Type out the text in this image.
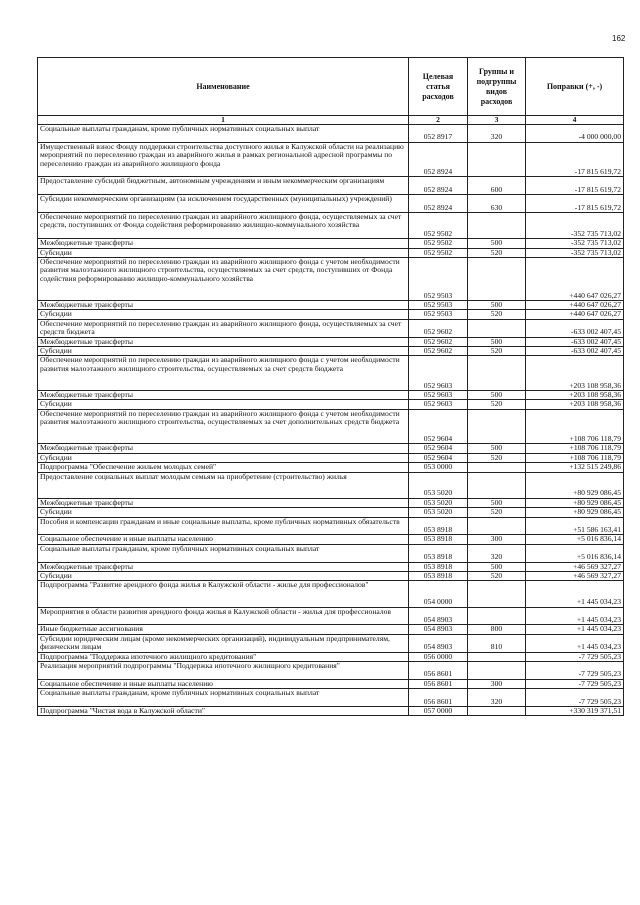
162
Наименование	Целевая статья расходов	Группы и подгруппы видов расходов	Поправки (+, -)
1	2	3	4
Социальные выплаты гражданам, кроме публичных нормативных социальных выплат	052 8917	320	-4 000 000,00
Имущественный взнос Фонду поддержки строительства доступного жилья в Калужской области на реализацию мероприятий по переселению граждан из аварийного жилья в рамках региональной адресной программы по переселению граждан из аварийного жилищного фонда	052 8924		-17 815 619,72
Предоставление субсидий бюджетным, автономным учреждениям и иным некоммерческим организациям	052 8924	600	-17 815 619,72
Субсидии некоммерческим организациям (за исключением государственных (муниципальных) учреждений)	052 8924	630	-17 815 619,72
Обеспечение мероприятий по переселению граждан из аварийного жилищного фонда, осуществляемых за счет средств, поступивших от Фонда содействия реформированию жилищно-коммунального хозяйства	052 9502		-352 735 713,02
Межбюджетные трансферты	052 9502	500	-352 735 713,02
Субсидии	052 9502	520	-352 735 713,02
Обеспечение мероприятий по переселению граждан из аварийного жилищного фонда с учетом необходимости развития малоэтажного жилищного строительства, осуществляемых за счет средств, поступивших от Фонда содействия реформированию жилищно-коммунального хозяйства	052 9503		+440 647 026,27
Межбюджетные трансферты	052 9503	500	+440 647 026,27
Субсидии	052 9503	520	+440 647 026,27
Обеспечение мероприятий по переселению граждан из аварийного жилищного фонда, осуществляемых за счет средств бюджета	052 9602		-633 002 407,45
Межбюджетные трансферты	052 9602	500	-633 002 407,45
Субсидии	052 9602	520	-633 002 407,45
Обеспечение мероприятий по переселению граждан из аварийного жилищного фонда с учетом необходимости развития малоэтажного жилищного строительства, осуществляемых за счет средств бюджета	052 9603		+203 108 958,36
Межбюджетные трансферты	052 9603	500	+203 108 958,36
Субсидии	052 9603	520	+203 108 958,36
Обеспечение мероприятий по переселению граждан из аварийного жилищного фонда с учетом необходимости развития малоэтажного жилищного строительства, осуществляемых за счет дополнительных средств бюджета	052 9604		+108 706 118,79
Межбюджетные трансферты	052 9604	500	+108 706 118,79
Субсидии	052 9604	520	+108 706 118,79
Подпрограмма "Обеспечение жильем молодых семей"	053 0000		+132 515 249,86
Предоставление социальных выплат молодым семьям на приобретение (строительство) жилья	053 5020		+80 929 086,45
Межбюджетные трансферты	053 5020	500	+80 929 086,45
Субсидии	053 5020	520	+80 929 086,45
Пособия и компенсации гражданам и иные социальные выплаты, кроме публичных нормативных обязательств	053 8918		+51 586 163,41
Социальное обеспечение и иные выплаты населению	053 8918	300	+5 016 836,14
Социальные выплаты гражданам, кроме публичных нормативных социальных выплат	053 8918	320	+5 016 836,14
Межбюджетные трансферты	053 8918	500	+46 569 327,27
Субсидии	053 8918	520	+46 569 327,27
Подпрограмма "Развитие арендного фонда жилья в Калужской области - жилье для профессионалов"	054 0000		+1 445 034,23
Мероприятия в области развития арендного фонда жилья в Калужской области - жилья для профессионалов	054 8903		+1 445 034,23
Иные бюджетные ассигнования	054 8903	800	+1 445 034,23
Субсидии юридическим лицам (кроме некоммерческих организаций), индивидуальным предпринимателям, физическим лицам	054 8903	810	+1 445 034,23
Подпрограмма "Поддержка ипотечного жилищного кредитования"	056 0000		-7 729 505,23
Реализация мероприятий подпрограммы "Поддержка ипотечного жилищного кредитования"	056 8601		-7 729 505,23
Социальное обеспечение и иные выплаты населению	056 8601	300	-7 729 505,23
Социальные выплаты гражданам, кроме публичных нормативных социальных выплат	056 8601	320	-7 729 505,23
Подпрограмма "Чистая вода в Калужской области"	057 0000		+330 319 371,51
